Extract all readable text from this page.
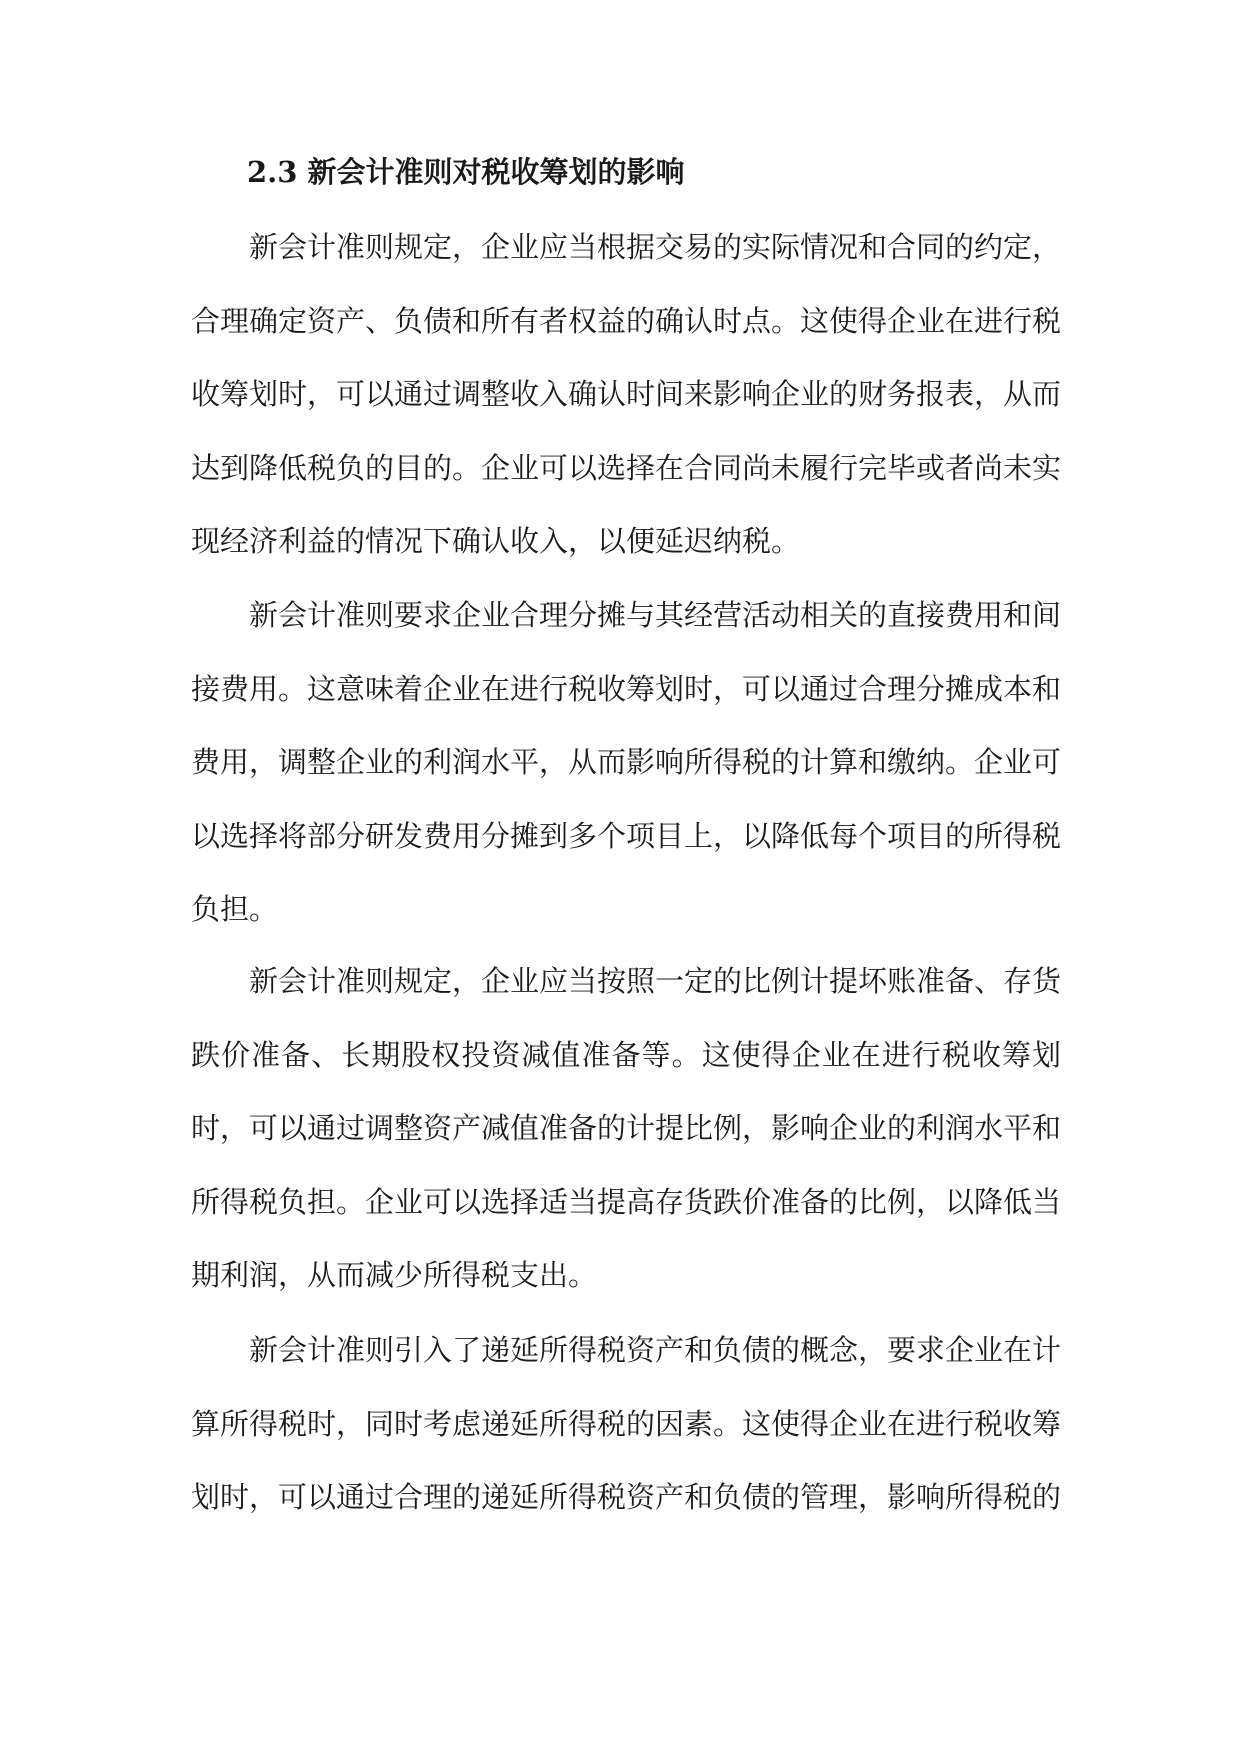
2.3 新会计准则对税收筹划的影响

新会计准则规定，企业应当根据交易的实际情况和合同的约定，合理确定资产、负债和所有者权益的确认时点。这使得企业在进行税收筹划时，可以通过调整收入确认时间来影响企业的财务报表，从而达到降低税负的目的。企业可以选择在合同尚未履行完毕或者尚未实现经济利益的情况下确认收入，以便延迟纳税。

新会计准则要求企业合理分摊与其经营活动相关的直接费用和间接费用。这意味着企业在进行税收筹划时，可以通过合理分摊成本和费用，调整企业的利润水平，从而影响所得税的计算和缴纳。企业可以选择将部分研发费用分摊到多个项目上，以降低每个项目的所得税负担。

新会计准则规定，企业应当按照一定的比例计提坏账准备、存货跌价准备、长期股权投资减值准备等。这使得企业在进行税收筹划时，可以通过调整资产减值准备的计提比例，影响企业的利润水平和所得税负担。企业可以选择适当提高存货跌价准备的比例，以降低当期利润，从而减少所得税支出。

新会计准则引入了递延所得税资产和负债的概念，要求企业在计算所得税时，同时考虑递延所得税的因素。这使得企业在进行税收筹划时，可以通过合理的递延所得税资产和负债的管理，影响所得税的
